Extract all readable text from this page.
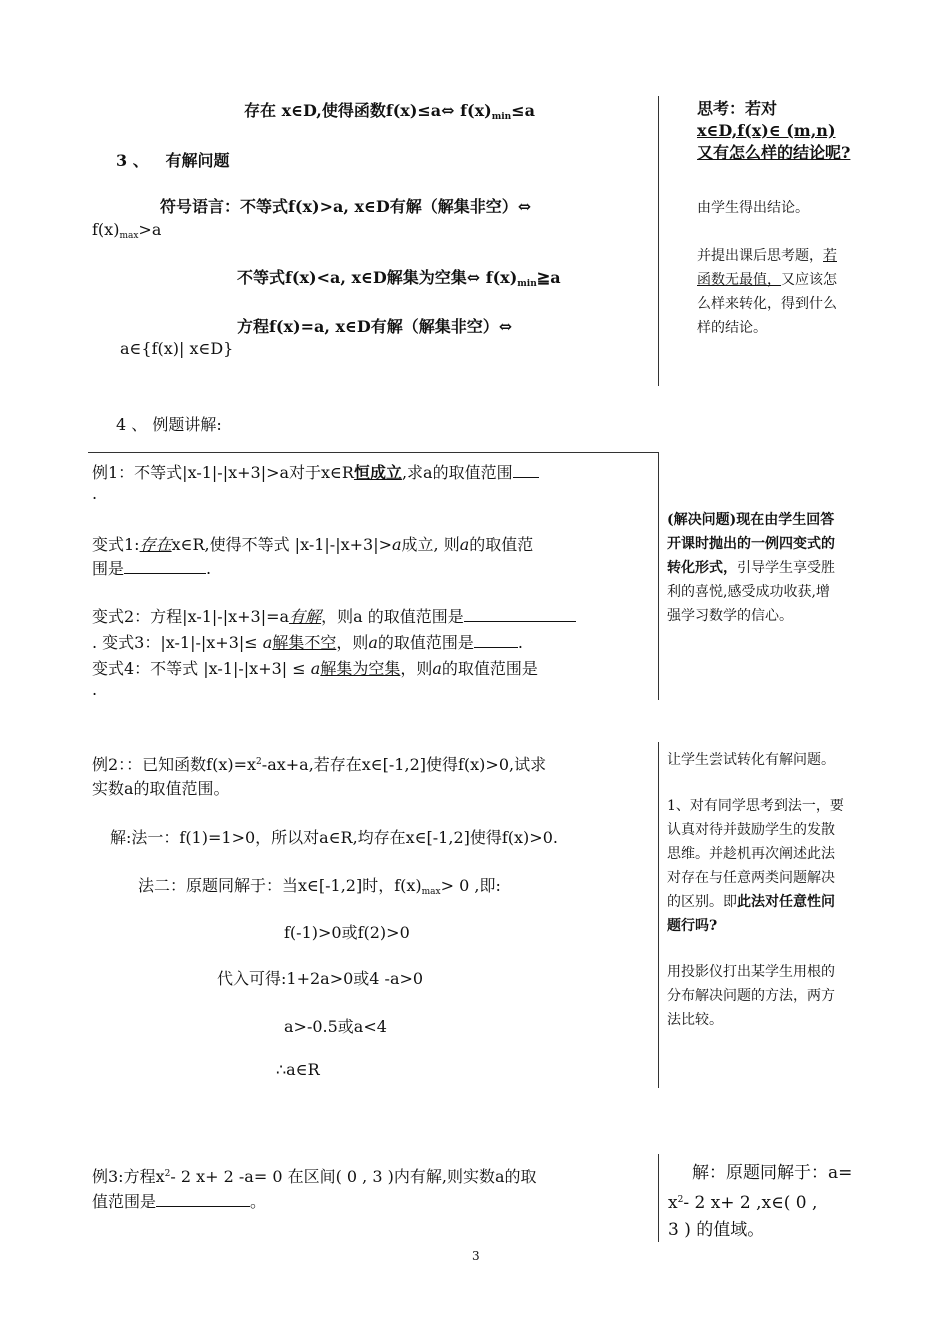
存在 x∈D,使得函数f(x)≤a⇔ $f(x)_{min}\le a$
3 、 有解问题
符号语言：不等式f(x)>a, x∈D有解（解集非空）⇔
$f(x)_{max}>a$
不等式f(x)<a, x∈D解集为空集⇔ $f(x)_{min}≧a$
方程f(x)=a, x∈D有解（解集非空）⇔
a∈{f(x)| x∈D}
4 、 例题讲解:
思考：若对
x∈D,f(x)∈ (m,n)
又有怎么样的结论呢?
由学生得出结论。
并提出课后思考题，若
函数无最值，又应该怎
么样来转化，得到什么
样的结论。
例1：不等式|x-1|-|x+3|>a对于x∈R恒成立,求a的取值范围
.
变式1:存在x∈R,使得不等式 |x-1|-|x+3|>a成立, 则a的取值范
围是	.
变式2：方程|x-1|-|x+3|=a有解，则a 的取值范围是
. 变式3：|x-1|-|x+3|≤ a解集不空，则a的取值范围是	.
变式4：不等式 |x-1|-|x+3| ≤ a解集为空集，则a的取值范围是
.
(解决问题)现在由学生回答
开课时抛出的一例四变式的
转化形式，引导学生享受胜
利的喜悦,感受成功收获,增
强学习数学的信心。
例2：：已知函数$f(x)=x^2-ax+a$,若存在x∈[-1,2]使得f(x)>0,试求
实数a的取值范围。
解:法一：f(1)=1>0，所以对a∈R,均存在x∈[-1,2]使得f(x)>0.
法二：原题同解于：当x∈[-1,2]时，$f(x)_{max}> 0$ ,即:
f(-1)>0或f(2)>0
代入可得:1+2a>0或4 -a>0
a>-0.5或a<4
∴a∈R
让学生尝试转化有解问题。
1、对有同学思考到法一，要
认真对待并鼓励学生的发散
思维。并趁机再次阐述此法
对存在与任意两类问题解决
的区别。即此法对任意性问
题行吗?
用投影仪打出某学生用根的
分布解决问题的方法，两方
法比较。
例3:方程$x^2-$ 2 x+ 2 -a= 0 在区间( 0 , 3 )内有解,则实数a的取
值范围是	。
解：原题同解于：a=
$x^2-$ 2 x+ 2 ,x∈( 0 ,
3 ) 的值域。
3
